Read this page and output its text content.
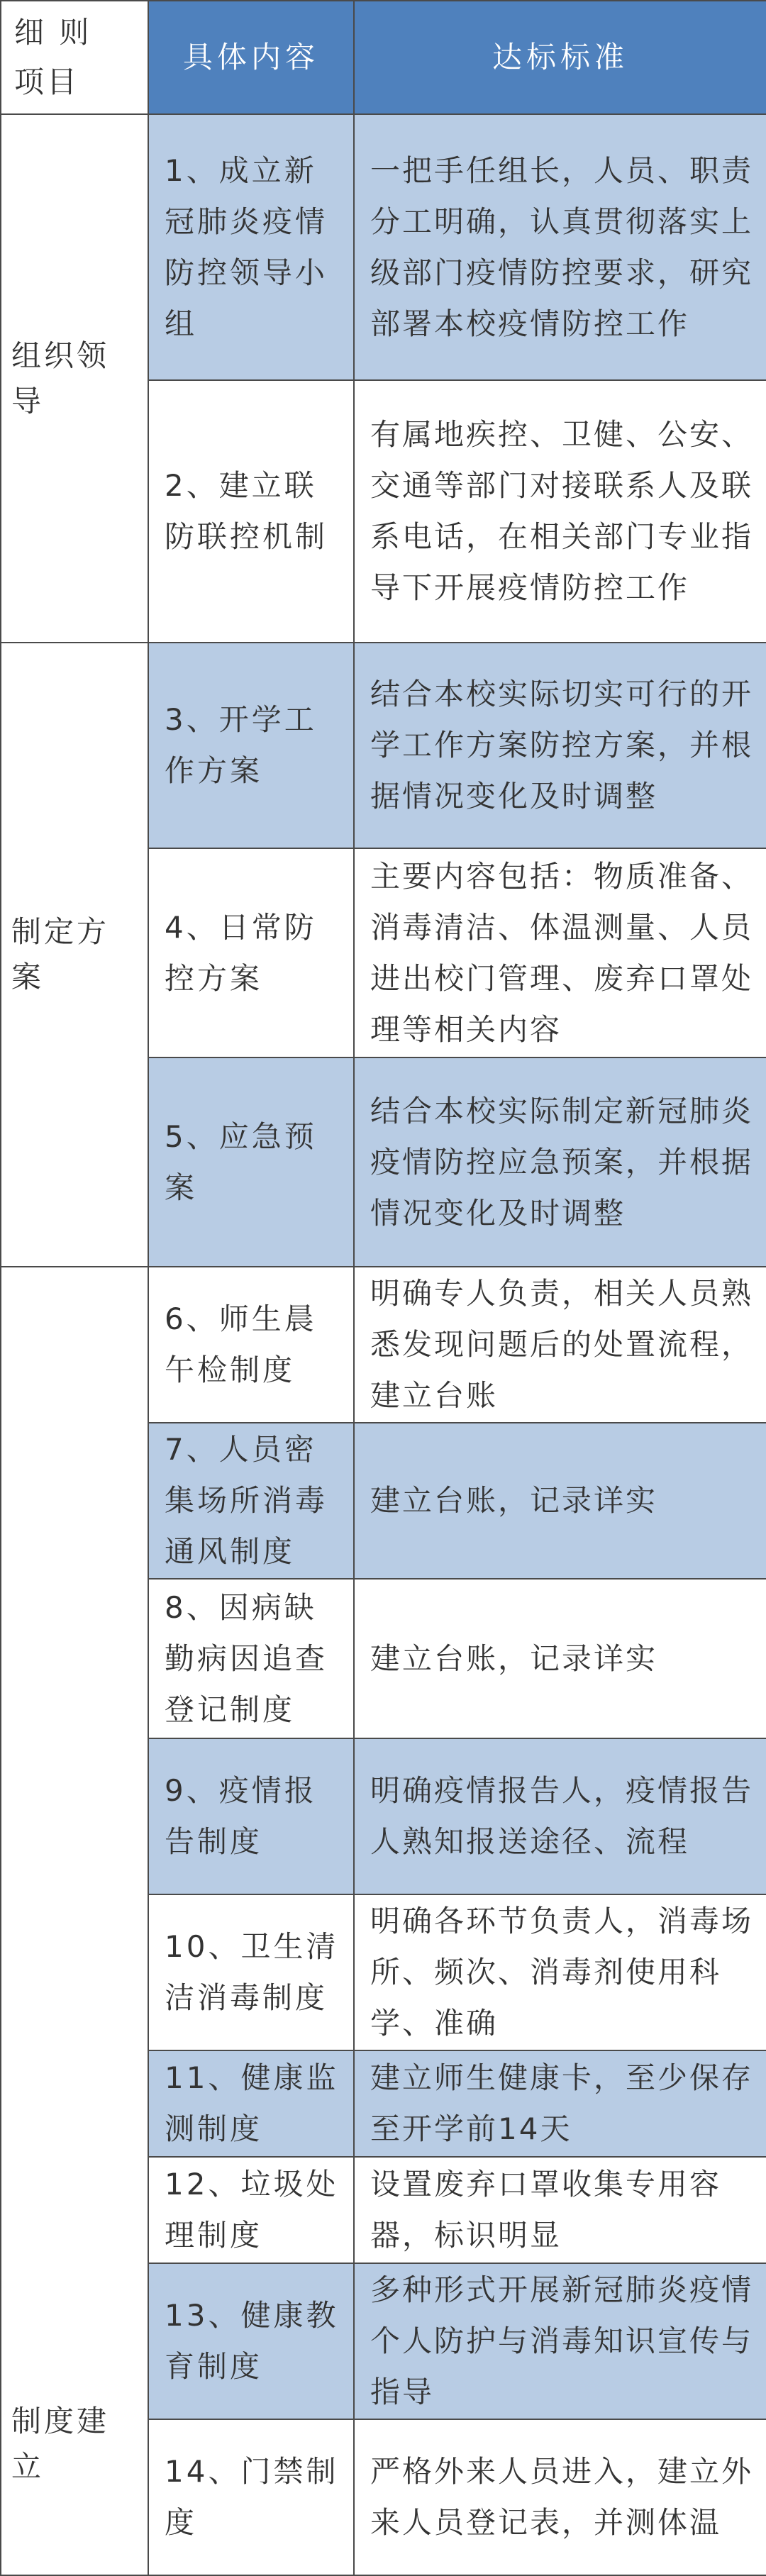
细 则 项目	具体内容	达标标准
组织领导	1、成立新冠肺炎疫情防控领导小组	一把手任组长，人员、职责分工明确，认真贯彻落实上级部门疫情防控要求，研究部署本校疫情防控工作
	2、建立联防联控机制	有属地疾控、卫健、公安、交通等部门对接联系人及联系电话，在相关部门专业指导下开展疫情防控工作
制定方案	3、开学工作方案	结合本校实际切实可行的开学工作方案防控方案，并根据情况变化及时调整
	4、日常防控方案	主要内容包括：物质准备、消毒清洁、体温测量、人员进出校门管理、废弃口罩处理等相关内容
	5、应急预案	结合本校实际制定新冠肺炎疫情防控应急预案，并根据情况变化及时调整
制度建立	6、师生晨午检制度	明确专人负责，相关人员熟悉发现问题后的处置流程，建立台账
	7、人员密集场所消毒通风制度	建立台账，记录详实
	8、因病缺勤病因追查登记制度	建立台账，记录详实
	9、疫情报告制度	明确疫情报告人，疫情报告人熟知报送途径、流程
	10、卫生清洁消毒制度	明确各环节负责人，消毒场所、频次、消毒剂使用科学、准确
	11、健康监测制度	建立师生健康卡，至少保存至开学前14天
	12、垃圾处理制度	设置废弃口罩收集专用容器，标识明显
	13、健康教育制度	多种形式开展新冠肺炎疫情个人防护与消毒知识宣传与指导
	14、门禁制度	严格外来人员进入，建立外来人员登记表，并测体温
